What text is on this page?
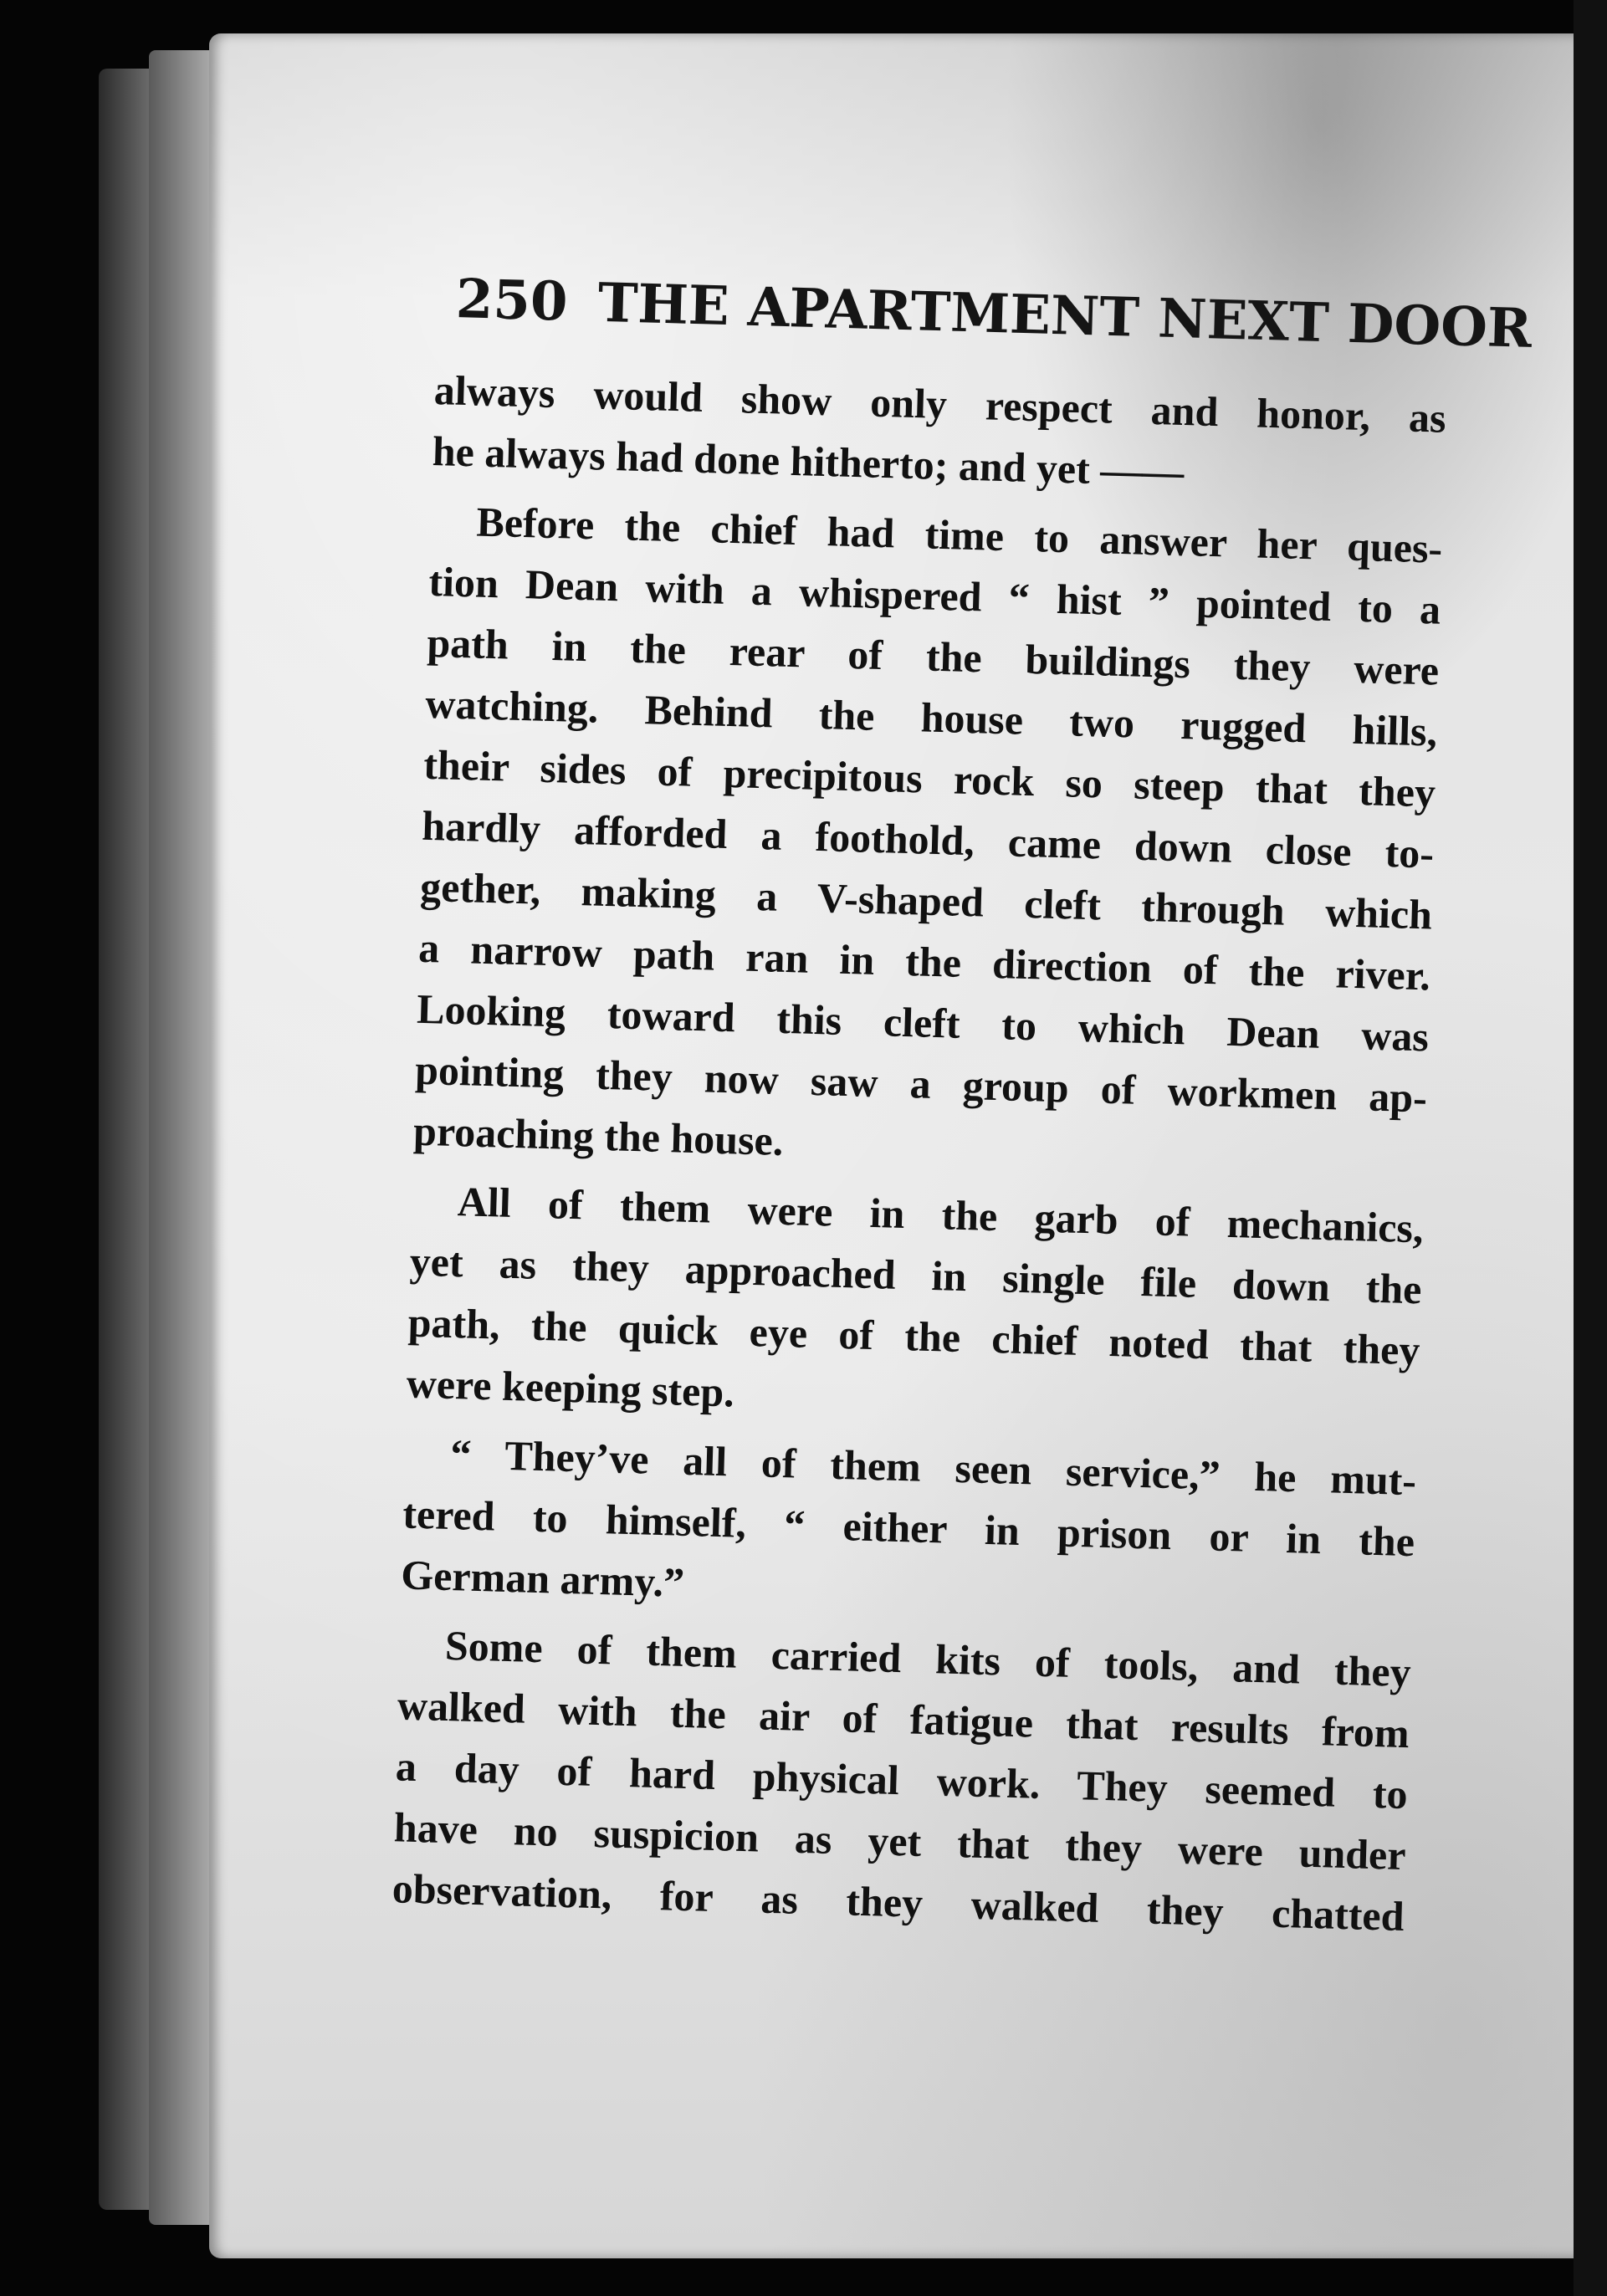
250 THE APARTMENT NEXT DOOR
always would show only respect and honor, as
he always had done hitherto; and yet ——
Before the chief had time to answer her ques-
tion Dean with a whispered “ hist ” pointed to a
path in the rear of the buildings they were
watching. Behind the house two rugged hills,
their sides of precipitous rock so steep that they
hardly afforded a foothold, came down close to-
gether, making a V-shaped cleft through which
a narrow path ran in the direction of the river.
Looking toward this cleft to which Dean was
pointing they now saw a group of workmen ap-
proaching the house.
All of them were in the garb of mechanics,
yet as they approached in single file down the
path, the quick eye of the chief noted that they
were keeping step.
“ They’ve all of them seen service,” he mut-
tered to himself, “ either in prison or in the
German army.”
Some of them carried kits of tools, and they
walked with the air of fatigue that results from
a day of hard physical work. They seemed to
have no suspicion as yet that they were under
observation, for as they walked they chatted
